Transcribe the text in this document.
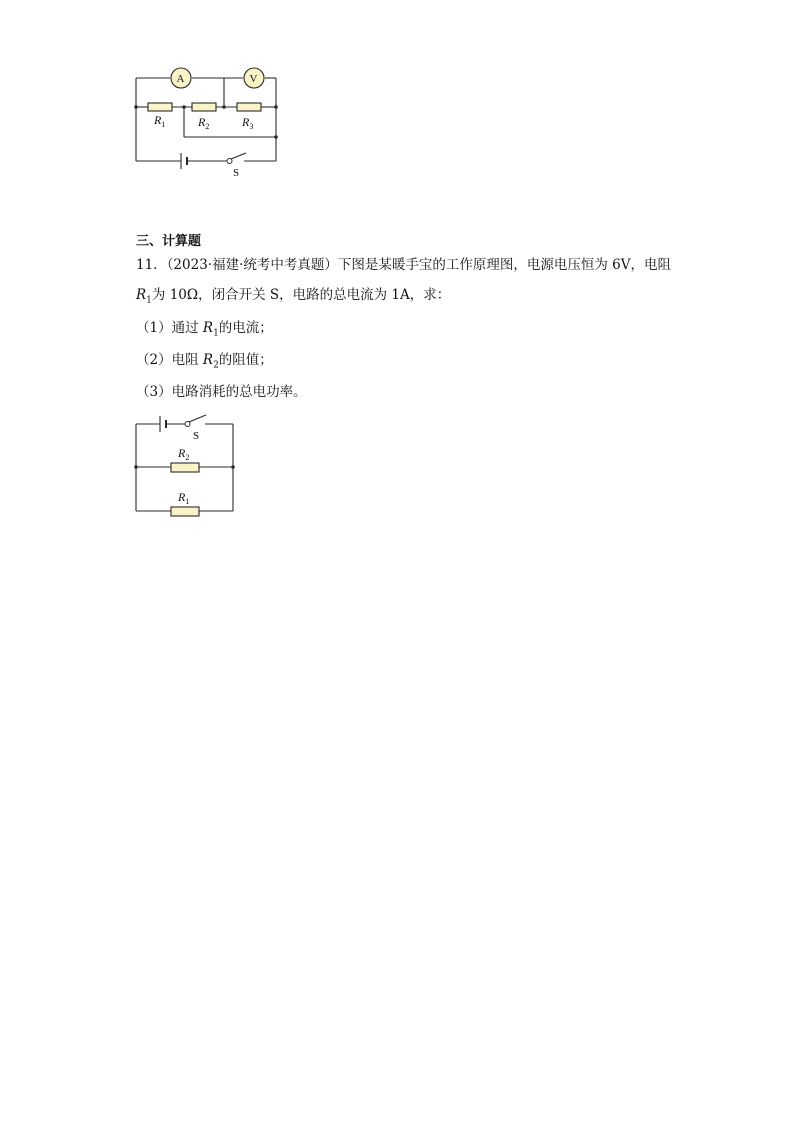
S
A	V
$R_1$	$R_2$	$R_3$
三、计算题
11．（2023·福建·统考中考真题）下图是某暖手宝的工作原理图，电源电压恒为 6V，电阻 $R_1$为 10Ω，闭合开关 S，电路的总电流为 1A，求：
（1）通过 $R_1$的电流；
（2）电阻 $R_2$的阻值；
（3）电路消耗的总电功率。
S
$R_2$
$R_1$
